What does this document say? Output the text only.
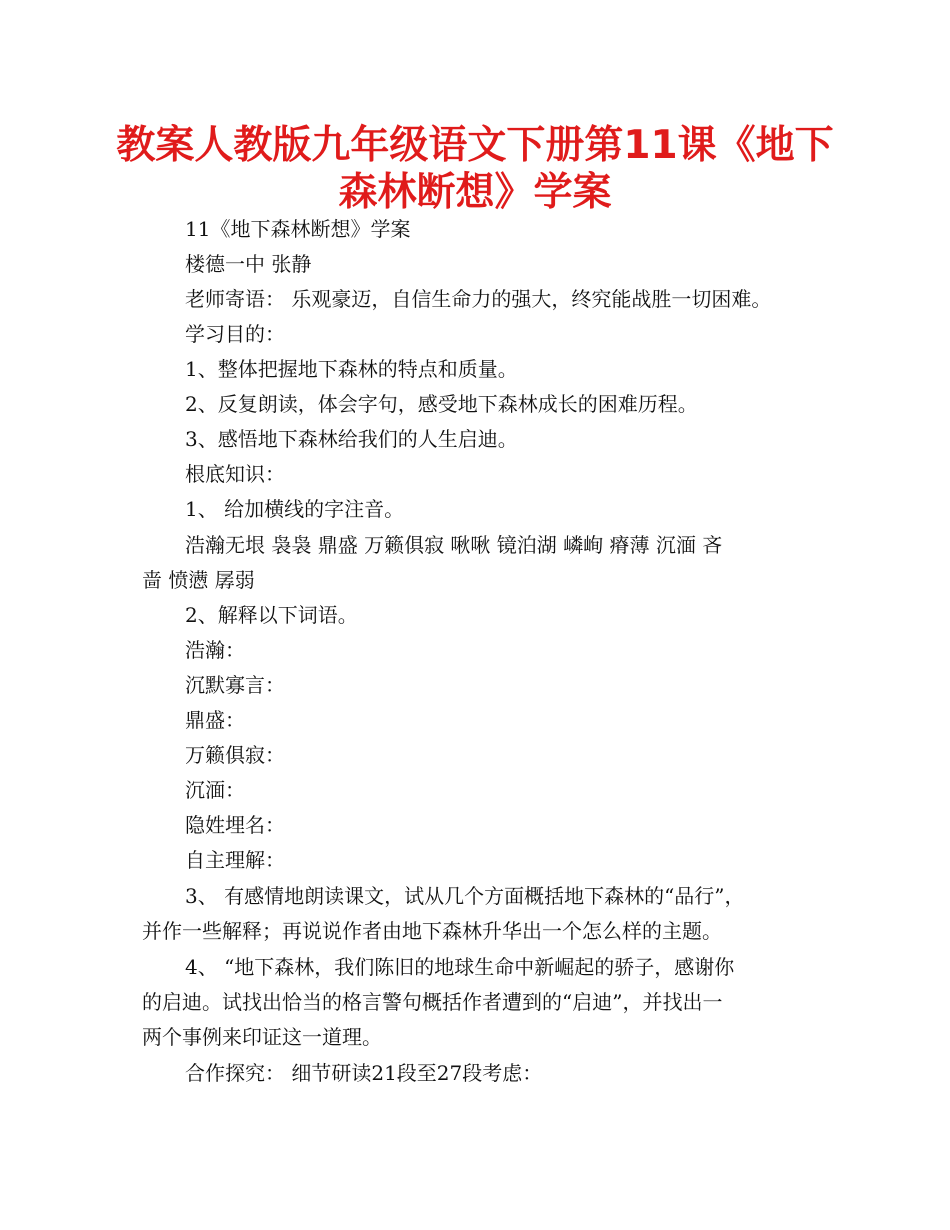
教案人教版九年级语文下册第11课《地下
森林断想》学案
11《地下森林断想》学案
楼德一中 张静
老师寄语： 乐观豪迈，自信生命力的强大，终究能战胜一切困难。
学习目的：
1、整体把握地下森林的特点和质量。
2、反复朗读，体会字句，感受地下森林成长的困难历程。
3、感悟地下森林给我们的人生启迪。
根底知识：
1、 给加横线的字注音。
浩瀚无垠 袅袅 鼎盛 万籁俱寂 啾啾 镜泊湖 嶙峋 瘠薄 沉湎 吝
啬 愤懑 孱弱
2、解释以下词语。
浩瀚：
沉默寡言：
鼎盛：
万籁俱寂：
沉湎：
隐姓埋名：
自主理解：
3、 有感情地朗读课文，试从几个方面概括地下森林的“品行”，
并作一些解释；再说说作者由地下森林升华出一个怎么样的主题。
4、 “地下森林，我们陈旧的地球生命中新崛起的骄子，感谢你
的启迪。试找出恰当的格言警句概括作者遭到的“启迪”，并找出一
两个事例来印证这一道理。
合作探究： 细节研读21段至27段考虑：
